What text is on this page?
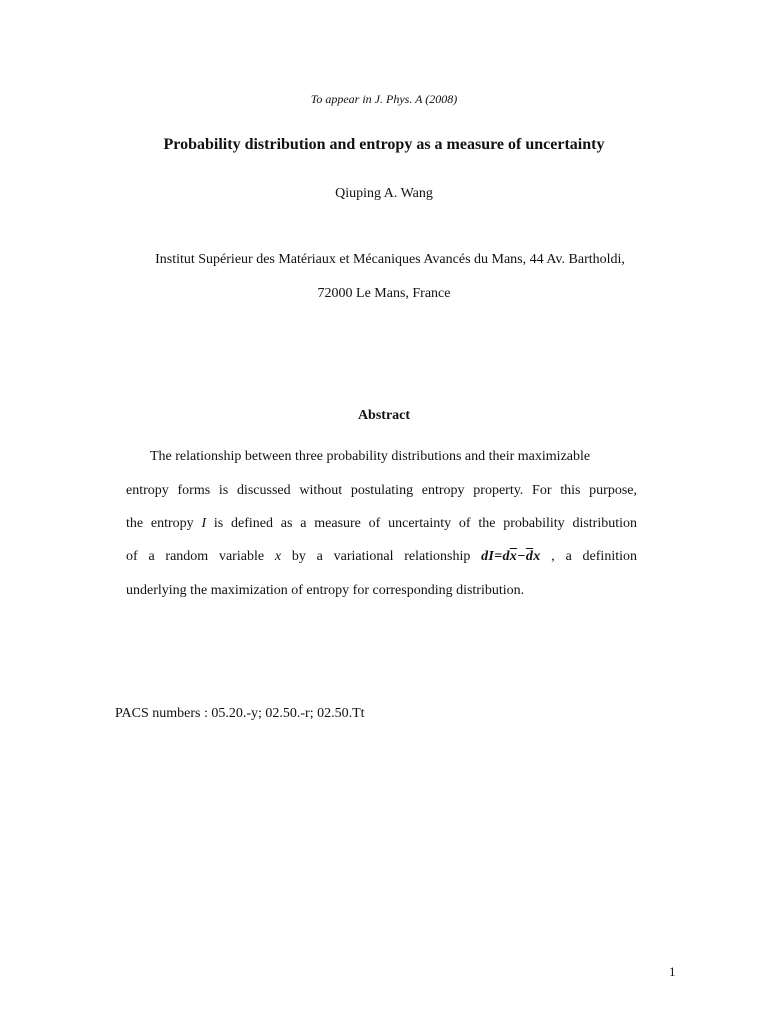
To appear in J. Phys. A (2008)
Probability distribution and entropy as a measure of uncertainty
Qiuping A. Wang
Institut Supérieur des Matériaux et Mécaniques Avancés du Mans, 44 Av. Bartholdi,
72000 Le Mans, France
Abstract
The relationship between three probability distributions and their maximizable
entropy forms is discussed without postulating entropy property. For this purpose,
the entropy I is defined as a measure of uncertainty of the probability distribution
of a random variable x by a variational relationship $dI=d\overline{x}-\overline{d}x$ , a definition
underlying the maximization of entropy for corresponding distribution.
PACS numbers : 05.20.-y; 02.50.-r; 02.50.Tt
1
